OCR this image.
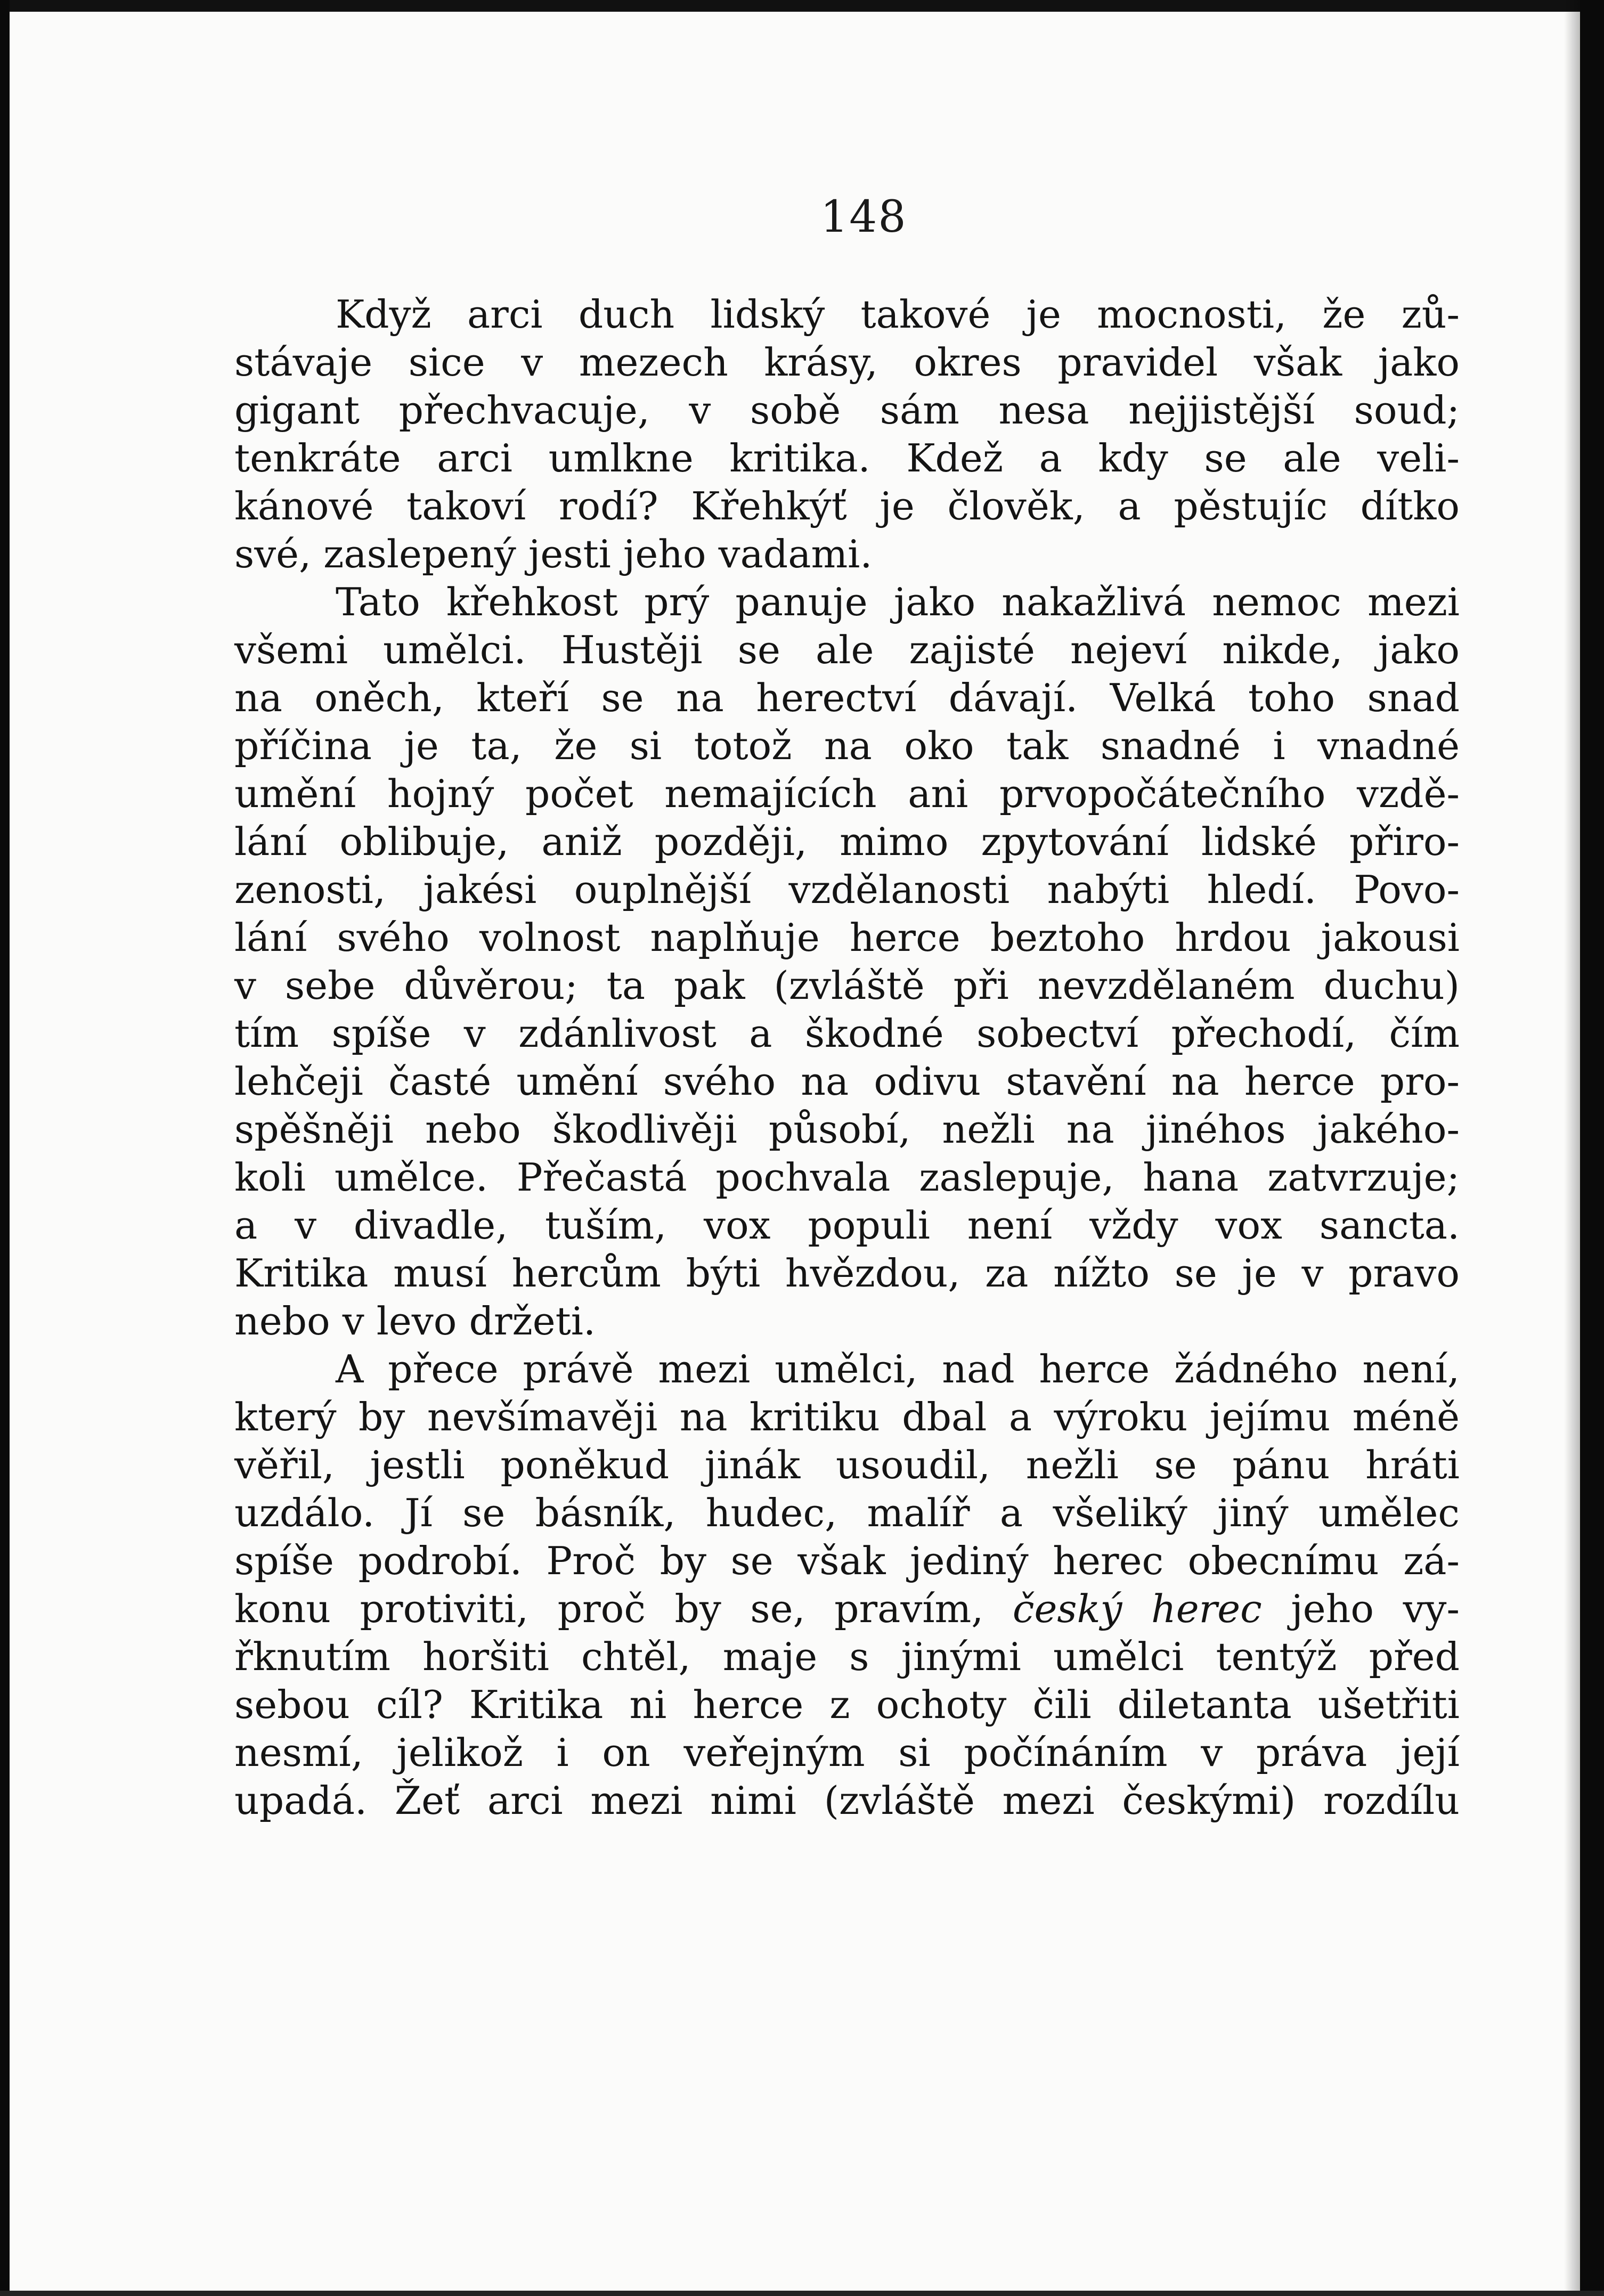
148
Když arci duch lidský takové je mocnosti, že zů-
stávaje sice v mezech krásy, okres pravidel však jako
gigant přechvacuje, v sobě sám nesa nejjistější soud;
tenkráte arci umlkne kritika. Kdež a kdy se ale veli-
kánové takoví rodí? Křehkýť je člověk, a pěstujíc dítko
své, zaslepený jesti jeho vadami.
Tato křehkost prý panuje jako nakažlivá nemoc mezi
všemi umělci. Hustěji se ale zajisté nejeví nikde, jako
na oněch, kteří se na herectví dávají. Velká toho snad
příčina je ta, že si totož na oko tak snadné i vnadné
umění hojný počet nemajících ani prvopočátečního vzdě-
lání oblibuje, aniž později, mimo zpytování lidské přiro-
zenosti, jakési ouplnější vzdělanosti nabýti hledí. Povo-
lání svého volnost naplňuje herce beztoho hrdou jakousi
v sebe důvěrou; ta pak (zvláště při nevzdělaném duchu)
tím spíše v zdánlivost a škodné sobectví přechodí, čím
lehčeji časté umění svého na odivu stavění na herce pro-
spěšněji nebo škodlivěji působí, nežli na jinéhos jakého-
koli umělce. Přečastá pochvala zaslepuje, hana zatvrzuje;
a v divadle, tuším, vox populi není vždy vox sancta.
Kritika musí hercům býti hvězdou, za nížto se je v pravo
nebo v levo držeti.
A přece právě mezi umělci, nad herce žádného není,
který by nevšímavěji na kritiku dbal a výroku jejímu méně
věřil, jestli poněkud jinák usoudil, nežli se pánu hráti
uzdálo. Jí se básník, hudec, malíř a všeliký jiný umělec
spíše podrobí. Proč by se však jediný herec obecnímu zá-
konu protiviti, proč by se, pravím, český herec jeho vy-
řknutím horšiti chtěl, maje s jinými umělci tentýž před
sebou cíl? Kritika ni herce z ochoty čili diletanta ušetřiti
nesmí, jelikož i on veřejným si počínáním v práva její
upadá. Žeť arci mezi nimi (zvláště mezi českými) rozdílu
